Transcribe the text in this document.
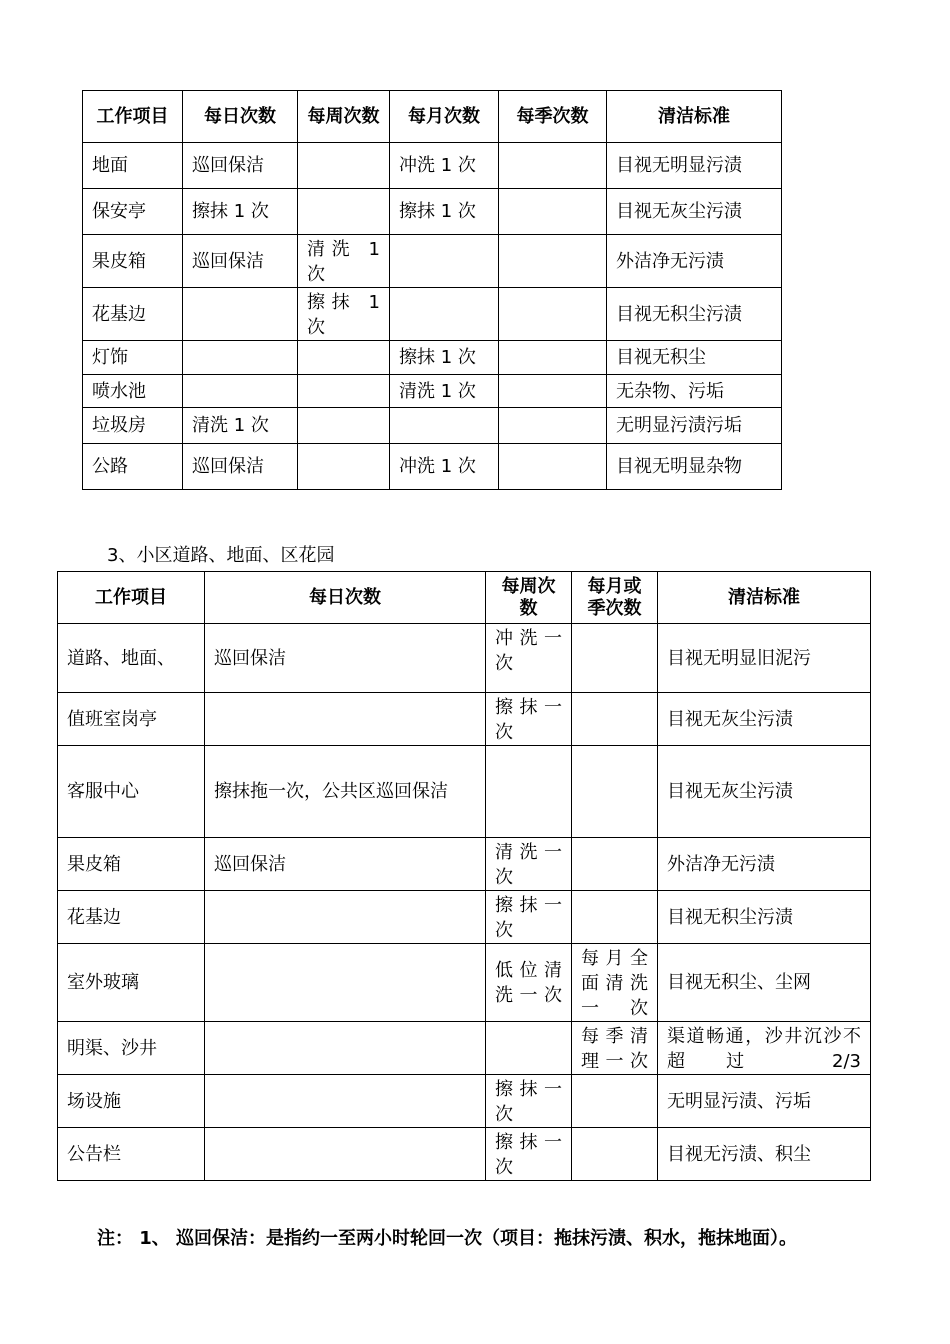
工作项目	每日次数	每周次数	每月次数	每季次数	清洁标准
地面	巡回保洁		冲洗 1 次		目视无明显污渍
保安亭	擦抹 1 次		擦抹 1 次		目视无灰尘污渍
果皮箱	巡回保洁	清洗 1 次			外洁净无污渍
花基边		擦抹 1 次			目视无积尘污渍
灯饰			擦抹 1 次		目视无积尘
喷水池			清洗 1 次		无杂物、污垢
垃圾房	清洗 1 次				无明显污渍污垢
公路	巡回保洁		冲洗 1 次		目视无明显杂物
3、小区道路、地面、区花园
工作项目	每日次数	每周次数	每月或季次数	清洁标准
道路、地面、	巡回保洁	冲洗一次		目视无明显旧泥污
值班室岗亭		擦抹一次		目视无灰尘污渍
客服中心	擦抹拖一次，公共区巡回保洁			目视无灰尘污渍
果皮箱	巡回保洁	清洗一次		外洁净无污渍
花基边		擦抹一次		目视无积尘污渍
室外玻璃		低位清洗一次	每月全面清洗一次	目视无积尘、尘网
明渠、沙井			每季清理一次	渠道畅通，沙井沉沙不超过 2/3
场设施		擦抹一次		无明显污渍、污垢
公告栏		擦抹一次		目视无污渍、积尘
注： 1、 巡回保洁：是指约一至两小时轮回一次（项目：拖抹污渍、积水，拖抹地面）。
